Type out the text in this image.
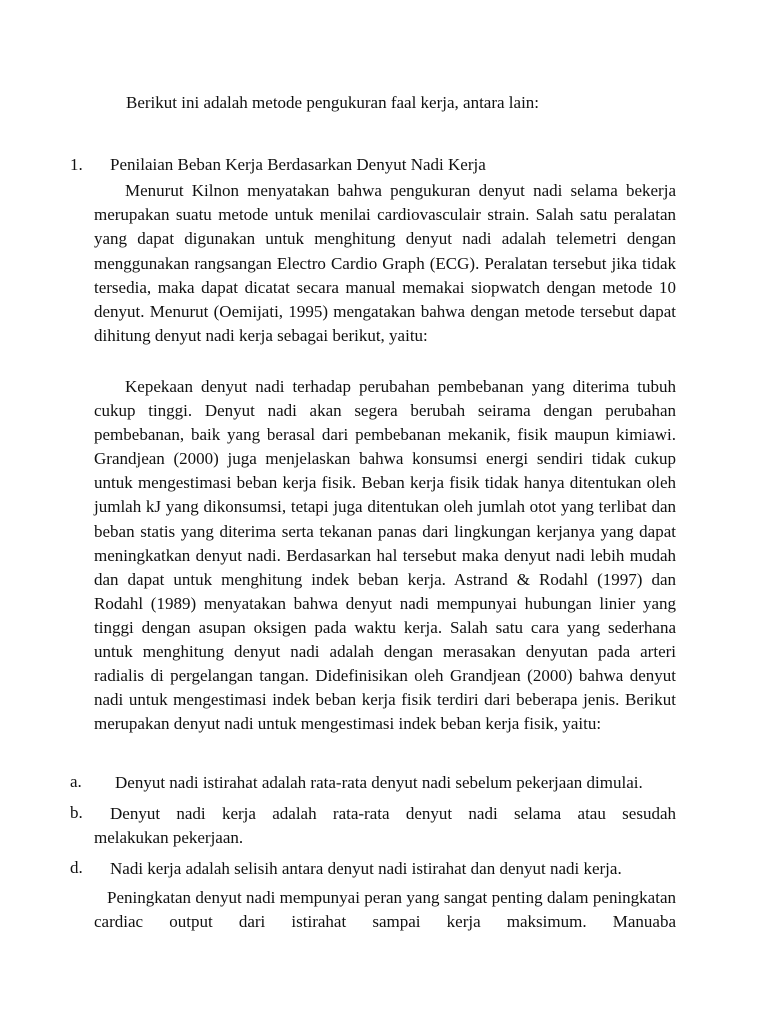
Berikut ini adalah metode pengukuran faal kerja, antara lain:
1. Penilaian Beban Kerja Berdasarkan Denyut Nadi Kerja
Menurut Kilnon menyatakan bahwa pengukuran denyut nadi selama bekerja merupakan suatu metode untuk menilai cardiovasculair strain. Salah satu peralatan yang dapat digunakan untuk menghitung denyut nadi adalah telemetri dengan menggunakan rangsangan Electro Cardio Graph (ECG). Peralatan tersebut jika tidak tersedia, maka dapat dicatat secara manual memakai siopwatch dengan metode 10 denyut. Menurut (Oemijati, 1995) mengatakan bahwa dengan metode tersebut dapat dihitung denyut nadi kerja sebagai berikut, yaitu:
Kepekaan denyut nadi terhadap perubahan pembebanan yang diterima tubuh cukup tinggi. Denyut nadi akan segera berubah seirama dengan perubahan pembebanan, baik yang berasal dari pembebanan mekanik, fisik maupun kimiawi. Grandjean (2000) juga menjelaskan bahwa konsumsi energi sendiri tidak cukup untuk mengestimasi beban kerja fisik. Beban kerja fisik tidak hanya ditentukan oleh jumlah kJ yang dikonsumsi, tetapi juga ditentukan oleh jumlah otot yang terlibat dan beban statis yang diterima serta tekanan panas dari lingkungan kerjanya yang dapat meningkatkan denyut nadi. Berdasarkan hal tersebut maka denyut nadi lebih mudah dan dapat untuk menghitung indek beban kerja. Astrand & Rodahl (1997) dan Rodahl (1989) menyatakan bahwa denyut nadi mempunyai hubungan linier yang tinggi dengan asupan oksigen pada waktu kerja. Salah satu cara yang sederhana untuk menghitung denyut nadi adalah dengan merasakan denyutan pada arteri radialis di pergelangan tangan. Didefinisikan oleh Grandjean (2000) bahwa denyut nadi untuk mengestimasi indek beban kerja fisik terdiri dari beberapa jenis. Berikut merupakan denyut nadi untuk mengestimasi indek beban kerja fisik, yaitu:
a. Denyut nadi istirahat adalah rata-rata denyut nadi sebelum pekerjaan dimulai.
b. Denyut nadi kerja adalah rata-rata denyut nadi selama atau sesudah
melakukan pekerjaan.
d. Nadi kerja adalah selisih antara denyut nadi istirahat dan denyut nadi kerja.
Peningkatan denyut nadi mempunyai peran yang sangat penting dalam peningkatan cardiac output dari istirahat sampai kerja maksimum. Manuaba
